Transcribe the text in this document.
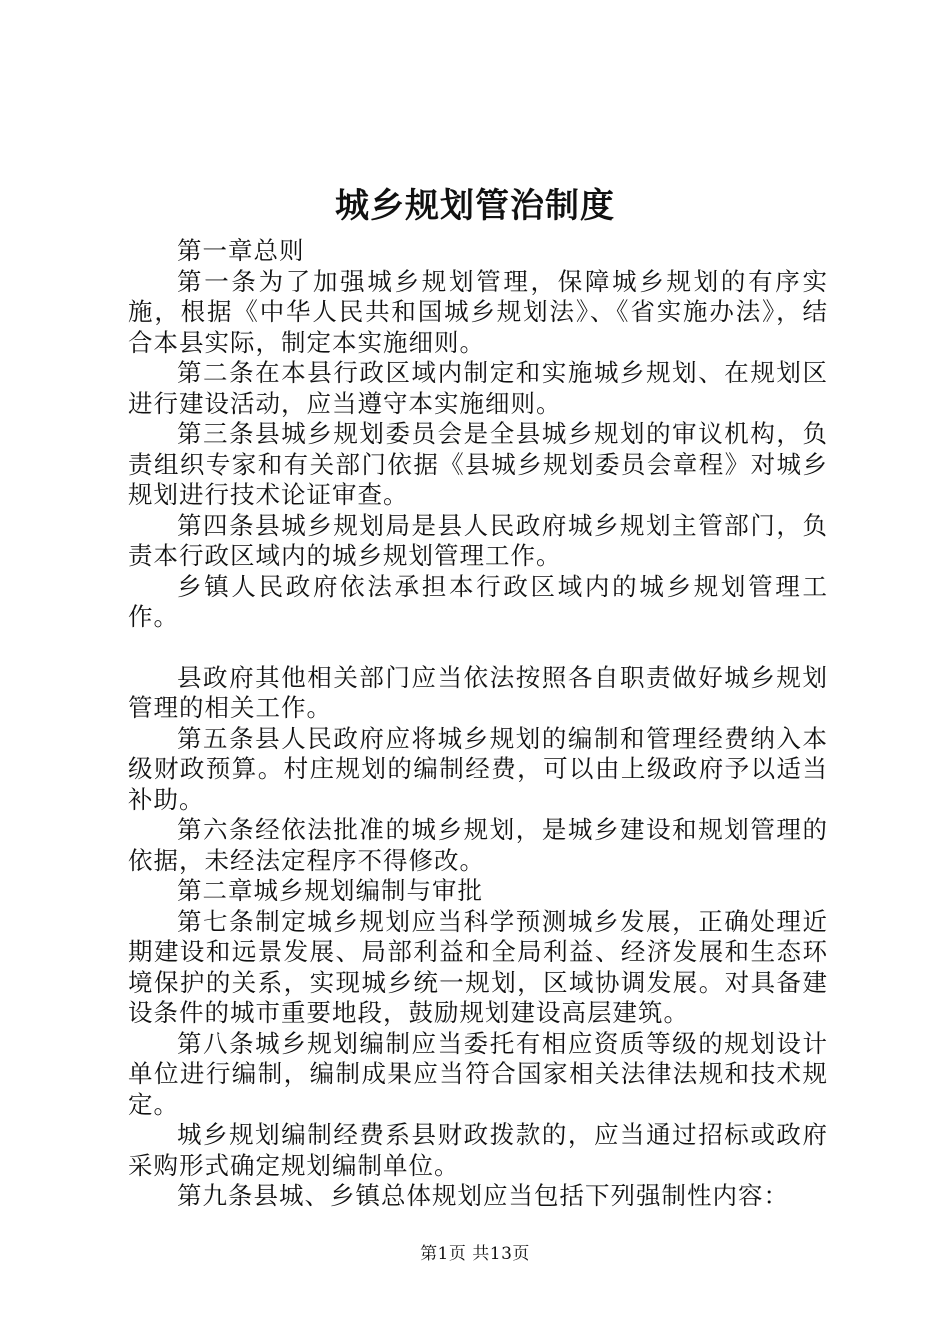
城乡规划管治制度

第一章总则

第一条为了加强城乡规划管理，保障城乡规划的有序实施，根据《中华人民共和国城乡规划法》、《省实施办法》，结合本县实际，制定本实施细则。

第二条在本县行政区域内制定和实施城乡规划、在规划区进行建设活动，应当遵守本实施细则。

第三条县城乡规划委员会是全县城乡规划的审议机构，负责组织专家和有关部门依据《县城乡规划委员会章程》对城乡规划进行技术论证审查。

第四条县城乡规划局是县人民政府城乡规划主管部门，负责本行政区域内的城乡规划管理工作。

乡镇人民政府依法承担本行政区域内的城乡规划管理工作。

县政府其他相关部门应当依法按照各自职责做好城乡规划管理的相关工作。

第五条县人民政府应将城乡规划的编制和管理经费纳入本级财政预算。村庄规划的编制经费，可以由上级政府予以适当补助。

第六条经依法批准的城乡规划，是城乡建设和规划管理的依据，未经法定程序不得修改。

第二章城乡规划编制与审批

第七条制定城乡规划应当科学预测城乡发展，正确处理近期建设和远景发展、局部利益和全局利益、经济发展和生态环境保护的关系，实现城乡统一规划，区域协调发展。对具备建设条件的城市重要地段，鼓励规划建设高层建筑。

第八条城乡规划编制应当委托有相应资质等级的规划设计单位进行编制，编制成果应当符合国家相关法律法规和技术规定。

城乡规划编制经费系县财政拨款的，应当通过招标或政府采购形式确定规划编制单位。

第九条县城、乡镇总体规划应当包括下列强制性内容：

第1页 共13页
